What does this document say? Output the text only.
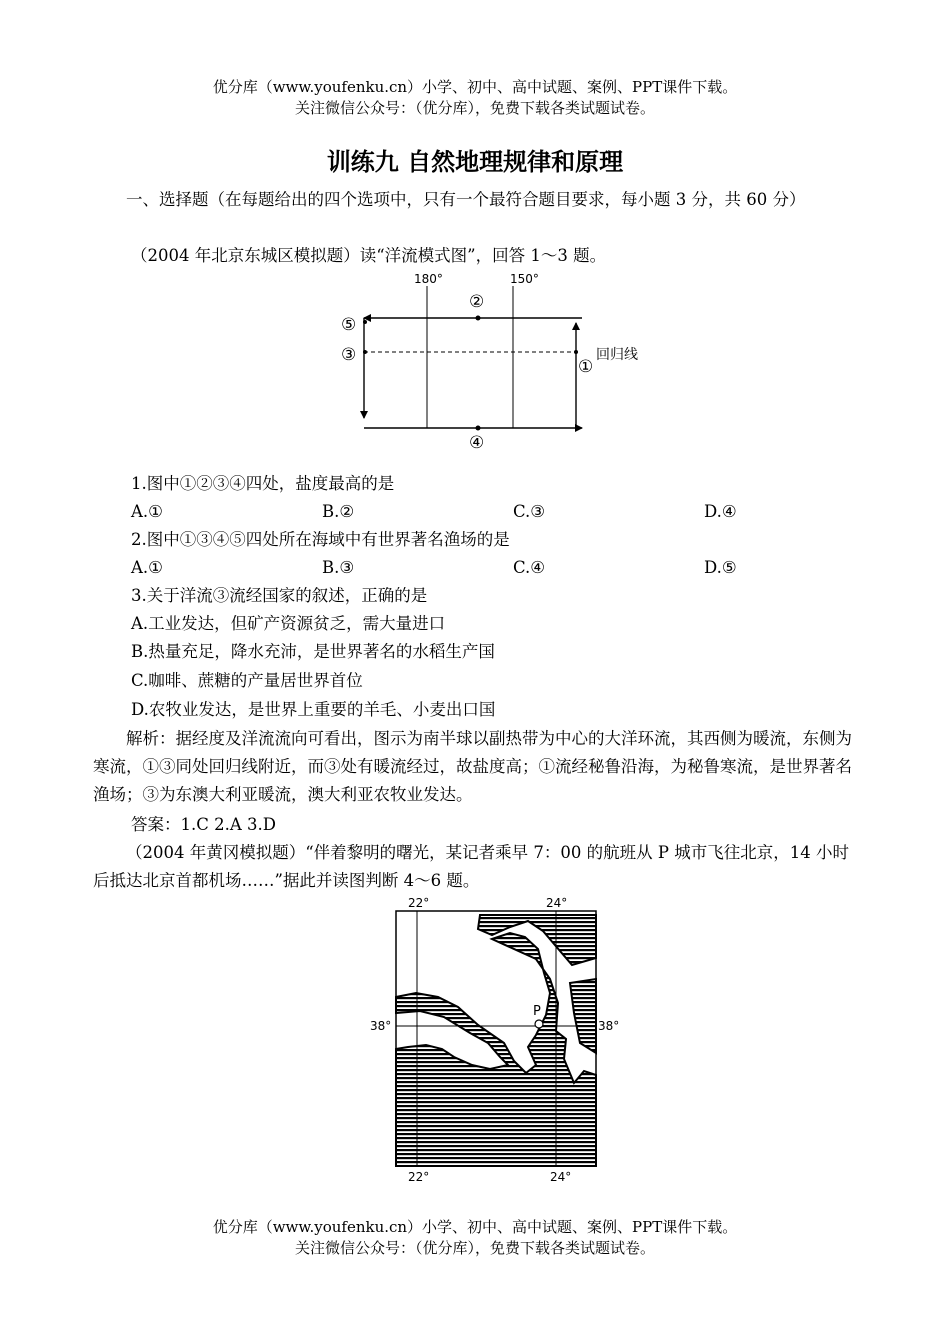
优分库（www.youfenku.cn）小学、初中、高中试题、案例、PPT课件下载。
关注微信公众号：（优分库），免费下载各类试题试卷。
训练九 自然地理规律和原理
一、选择题（在每题给出的四个选项中，只有一个最符合题目要求，每小题 3 分，共 60 分）
（2004 年北京东城区模拟题）读“洋流模式图”，回答 1～3 题。
180°	150°
②
④
⑤
③
①
回归线
1.图中①②③④四处，盐度最高的是
A.①	B.②	C.③	D.④
2.图中①③④⑤四处所在海域中有世界著名渔场的是
A.①	B.③	C.④	D.⑤
3.关于洋流③流经国家的叙述，正确的是
A.工业发达，但矿产资源贫乏，需大量进口
B.热量充足，降水充沛，是世界著名的水稻生产国
C.咖啡、蔗糖的产量居世界首位
D.农牧业发达，是世界上重要的羊毛、小麦出口国
解析：据经度及洋流流向可看出，图示为南半球以副热带为中心的大洋环流，其西侧为暖流，东侧为寒流，①③同处回归线附近，而③处有暖流经过，故盐度高；①流经秘鲁沿海，为秘鲁寒流，是世界著名渔场；③为东澳大利亚暖流，澳大利亚农牧业发达。
答案：1.C 2.A 3.D
（2004 年黄冈模拟题）“伴着黎明的曙光，某记者乘早 7：00 的航班从 P 城市飞往北京，14 小时后抵达北京首都机场……”据此并读图判断 4～6 题。
22°	24°
P
38°	38°
22°	24°
优分库（www.youfenku.cn）小学、初中、高中试题、案例、PPT课件下载。
关注微信公众号：（优分库），免费下载各类试题试卷。
